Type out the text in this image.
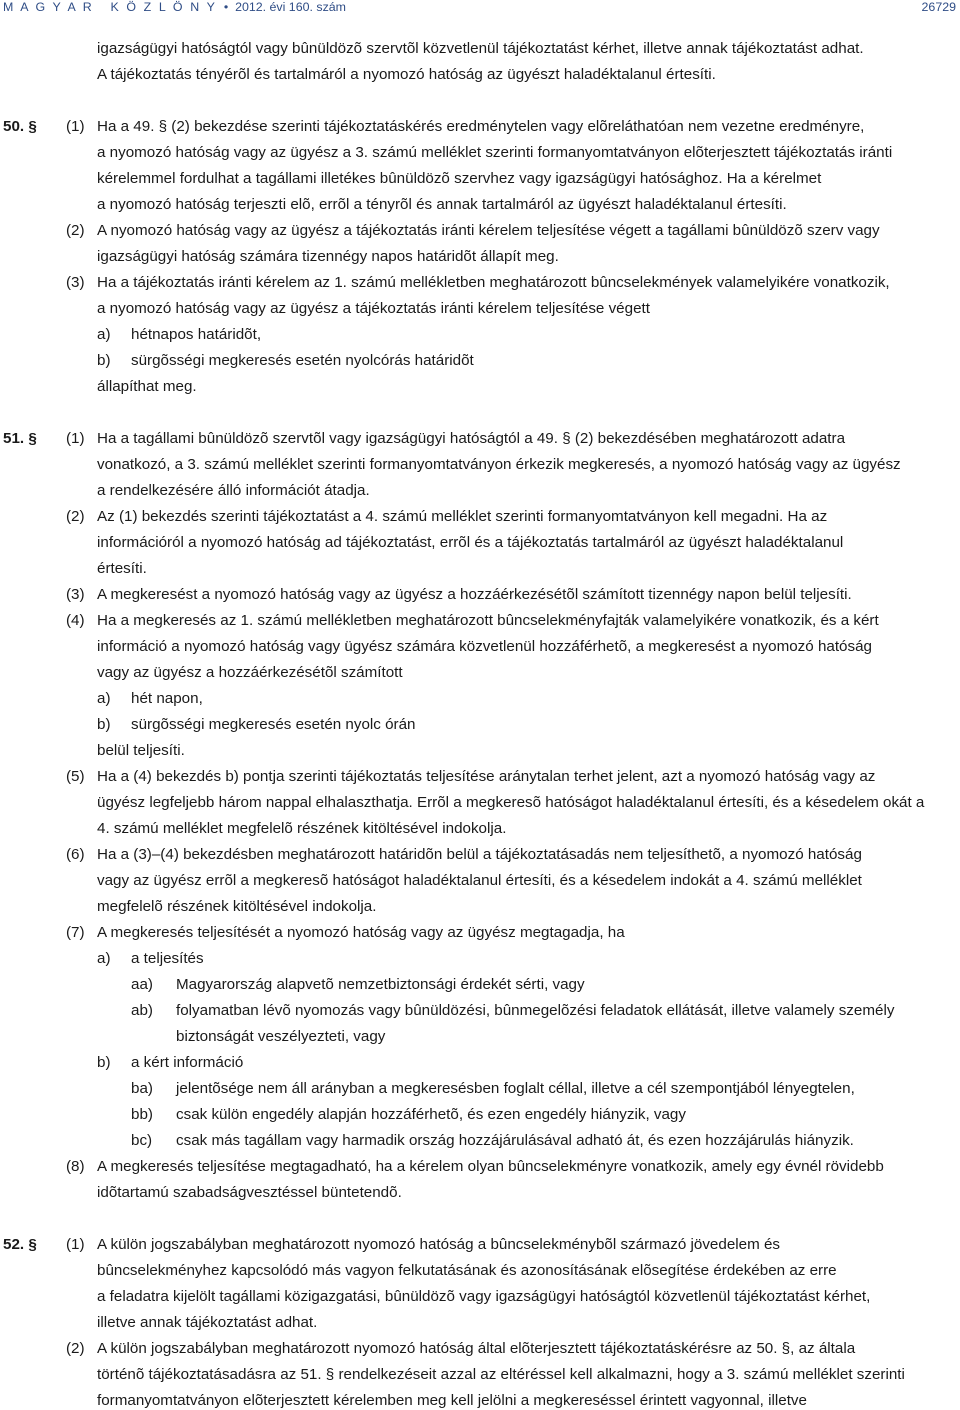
M A G Y A R   K Ö Z L Ö N Y • 2012. évi 160. szám	26729
igazságügyi hatóságtól vagy bûnüldözõ szervtõl közvetlenül tájékoztatást kérhet, illetve annak tájékoztatást adhat.
A tájékoztatás tényérõl és tartalmáról a nyomozó hatóság az ügyészt haladéktalanul értesíti.
50. § (1) Ha a 49. § (2) bekezdése szerinti tájékoztatáskérés eredménytelen vagy elõreláthatóan nem vezetne eredményre,
a nyomozó hatóság vagy az ügyész a 3. számú melléklet szerinti formanyomtatványon elõterjesztett tájékoztatás iránti
kérelemmel fordulhat a tagállami illetékes bûnüldözõ szervhez vagy igazságügyi hatósághoz. Ha a kérelmet
a nyomozó hatóság terjeszti elõ, errõl a tényrõl és annak tartalmáról az ügyészt haladéktalanul értesíti.
(2) A nyomozó hatóság vagy az ügyész a tájékoztatás iránti kérelem teljesítése végett a tagállami bûnüldözõ szerv vagy
igazságügyi hatóság számára tizennégy napos határidõt állapít meg.
(3) Ha a tájékoztatás iránti kérelem az 1. számú mellékletben meghatározott bûncselekmények valamelyikére vonatkozik,
a nyomozó hatóság vagy az ügyész a tájékoztatás iránti kérelem teljesítése végett
a) hétnapos határidõt,
b) sürgõsségi megkeresés esetén nyolcórás határidõt
állapíthat meg.
51. § (1) Ha a tagállami bûnüldözõ szervtõl vagy igazságügyi hatóságtól a 49. § (2) bekezdésében meghatározott adatra
vonatkozó, a 3. számú melléklet szerinti formanyomtatványon érkezik megkeresés, a nyomozó hatóság vagy az ügyész
a rendelkezésére álló információt átadja.
(2) Az (1) bekezdés szerinti tájékoztatást a 4. számú melléklet szerinti formanyomtatványon kell megadni. Ha az
információról a nyomozó hatóság ad tájékoztatást, errõl és a tájékoztatás tartalmáról az ügyészt haladéktalanul
értesíti.
(3) A megkeresést a nyomozó hatóság vagy az ügyész a hozzáérkezésétõl számított tizennégy napon belül teljesíti.
(4) Ha a megkeresés az 1. számú mellékletben meghatározott bûncselekményfajták valamelyikére vonatkozik, és a kért
információ a nyomozó hatóság vagy ügyész számára közvetlenül hozzáférhetõ, a megkeresést a nyomozó hatóság
vagy az ügyész a hozzáérkezésétõl számított
a) hét napon,
b) sürgõsségi megkeresés esetén nyolc órán
belül teljesíti.
(5) Ha a (4) bekezdés b) pontja szerinti tájékoztatás teljesítése aránytalan terhet jelent, azt a nyomozó hatóság vagy az
ügyész legfeljebb három nappal elhalaszthatja. Errõl a megkeresõ hatóságot haladéktalanul értesíti, és a késedelem okát a
4. számú melléklet megfelelõ részének kitöltésével indokolja.
(6) Ha a (3)–(4) bekezdésben meghatározott határidõn belül a tájékoztatásadás nem teljesíthetõ, a nyomozó hatóság
vagy az ügyész errõl a megkeresõ hatóságot haladéktalanul értesíti, és a késedelem indokát a 4. számú melléklet
megfelelõ részének kitöltésével indokolja.
(7) A megkeresés teljesítését a nyomozó hatóság vagy az ügyész megtagadja, ha
a) a teljesítés
aa) Magyarország alapvetõ nemzetbiztonsági érdekét sérti, vagy
ab) folyamatban lévõ nyomozás vagy bûnüldözési, bûnmegelõzési feladatok ellátását, illetve valamely személy
biztonságát veszélyezteti, vagy
b) a kért információ
ba) jelentõsége nem áll arányban a megkeresésben foglalt céllal, illetve a cél szempontjából lényegtelen,
bb) csak külön engedély alapján hozzáférhetõ, és ezen engedély hiányzik, vagy
bc) csak más tagállam vagy harmadik ország hozzájárulásával adható át, és ezen hozzájárulás hiányzik.
(8) A megkeresés teljesítése megtagadható, ha a kérelem olyan bûncselekményre vonatkozik, amely egy évnél rövidebb
idõtartamú szabadságvesztéssel büntetendõ.
52. § (1) A külön jogszabályban meghatározott nyomozó hatóság a bûncselekménybõl származó jövedelem és
bûncselekményhez kapcsolódó más vagyon felkutatásának és azonosításának elõsegítése érdekében az erre
a feladatra kijelölt tagállami közigazgatási, bûnüldözõ vagy igazságügyi hatóságtól közvetlenül tájékoztatást kérhet,
illetve annak tájékoztatást adhat.
(2) A külön jogszabályban meghatározott nyomozó hatóság által elõterjesztett tájékoztatáskérésre az 50. §, az általa
történõ tájékoztatásadásra az 51. § rendelkezéseit azzal az eltéréssel kell alkalmazni, hogy a 3. számú melléklet szerinti
formanyomtatványon elõterjesztett kérelemben meg kell jelölni a megkereséssel érintett vagyonnal, illetve
